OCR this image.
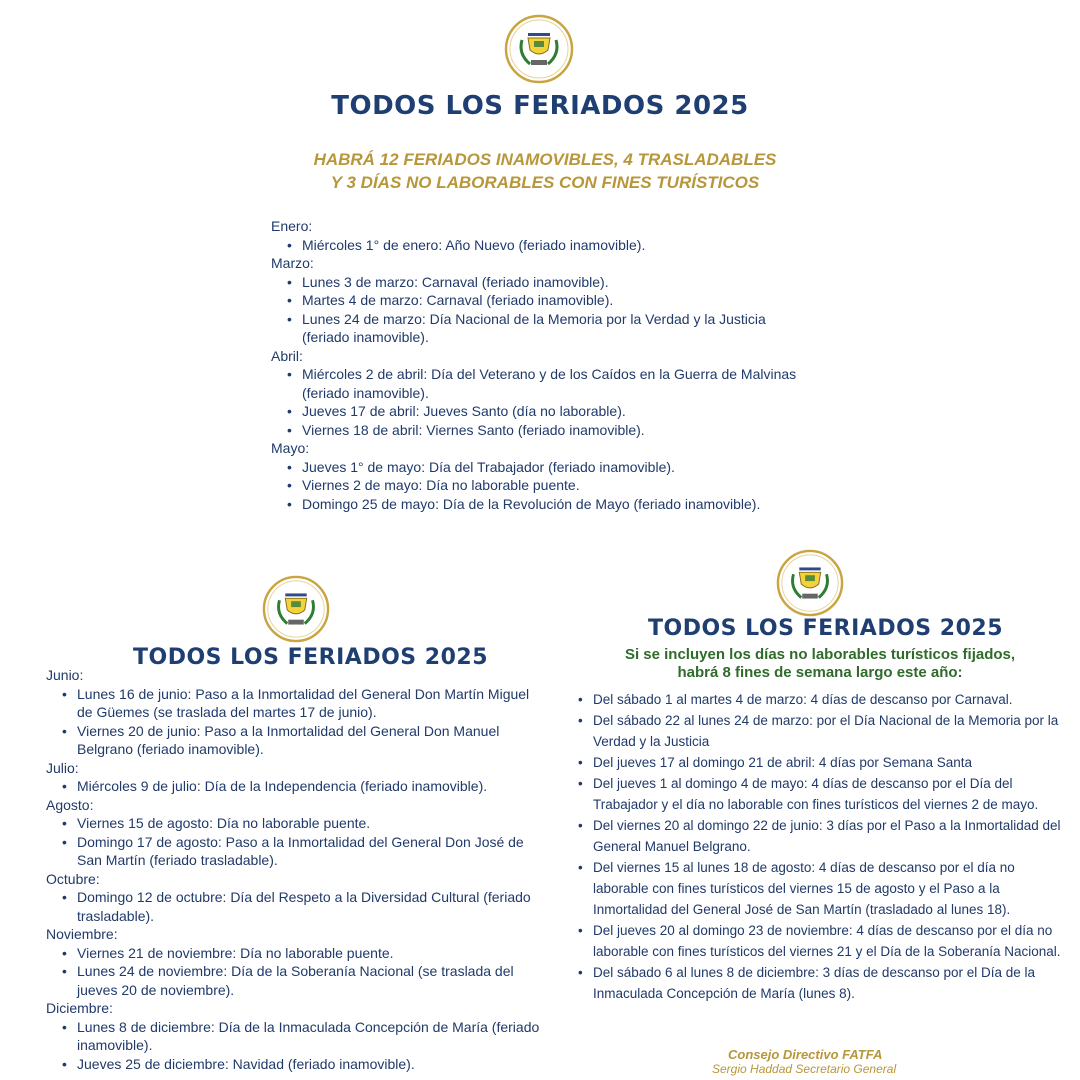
TODOS LOS FERIADOS 2025
HABRÁ 12 FERIADOS INAMOVIBLES, 4 TRASLADABLES
Y 3 DÍAS NO LABORABLES CON FINES TURÍSTICOS

Enero:

• Miércoles 1° de enero: Año Nuevo (feriado inamovible).

Marzo:

• Lunes 3 de marzo: Carnaval (feriado inamovible).
• Martes 4 de marzo: Carnaval (feriado inamovible).
• Lunes 24 de marzo: Día Nacional de la Memoria por la Verdad y la Justicia (feriado inamovible).

Abril:

• Miércoles 2 de abril: Día del Veterano y de los Caídos en la Guerra de Malvinas (feriado inamovible).
• Jueves 17 de abril: Jueves Santo (día no laborable).
• Viernes 18 de abril: Viernes Santo (feriado inamovible).

Mayo:

• Jueves 1° de mayo: Día del Trabajador (feriado inamovible).
• Viernes 2 de mayo: Día no laborable puente.
• Domingo 25 de mayo: Día de la Revolución de Mayo (feriado inamovible).
TODOS LOS FERIADOS 2025

Junio:

• Lunes 16 de junio: Paso a la Inmortalidad del General Don Martín Miguel de Güemes (se traslada del martes 17 de junio).
• Viernes 20 de junio: Paso a la Inmortalidad del General Don Manuel Belgrano (feriado inamovible).

Julio:

• Miércoles 9 de julio: Día de la Independencia (feriado inamovible).

Agosto:

• Viernes 15 de agosto: Día no laborable puente.
• Domingo 17 de agosto: Paso a la Inmortalidad del General Don José de San Martín (feriado trasladable).

Octubre:

• Domingo 12 de octubre: Día del Respeto a la Diversidad Cultural (feriado trasladable).

Noviembre:

• Viernes 21 de noviembre: Día no laborable puente.
• Lunes 24 de noviembre: Día de la Soberanía Nacional (se traslada del jueves 20 de noviembre).

Diciembre:

• Lunes 8 de diciembre: Día de la Inmaculada Concepción de María (feriado inamovible).
• Jueves 25 de diciembre: Navidad (feriado inamovible).
TODOS LOS FERIADOS 2025
Si se incluyen los días no laborables turísticos fijados,
habrá 8 fines de semana largo este año:
• Del sábado 1 al martes 4 de marzo: 4 días de descanso por Carnaval.
• Del sábado 22 al lunes 24 de marzo: por el Día Nacional de la Memoria por la Verdad y la Justicia
• Del jueves 17 al domingo 21 de abril: 4 días por Semana Santa
• Del jueves 1 al domingo 4 de mayo: 4 días de descanso por el Día del Trabajador y el día no laborable con fines turísticos del viernes 2 de mayo.
• Del viernes 20 al domingo 22 de junio: 3 días por el Paso a la Inmortalidad del General Manuel Belgrano.
• Del viernes 15 al lunes 18 de agosto: 4 días de descanso por el día no laborable con fines turísticos del viernes 15 de agosto y el Paso a la Inmortalidad del General José de San Martín (trasladado al lunes 18).
• Del jueves 20 al domingo 23 de noviembre: 4 días de descanso por el día no laborable con fines turísticos del viernes 21 y el Día de la Soberanía Nacional.
• Del sábado 6 al lunes 8 de diciembre: 3 días de descanso por el Día de la Inmaculada Concepción de María (lunes 8).
Consejo Directivo FATFA
Sergio Haddad Secretario General
